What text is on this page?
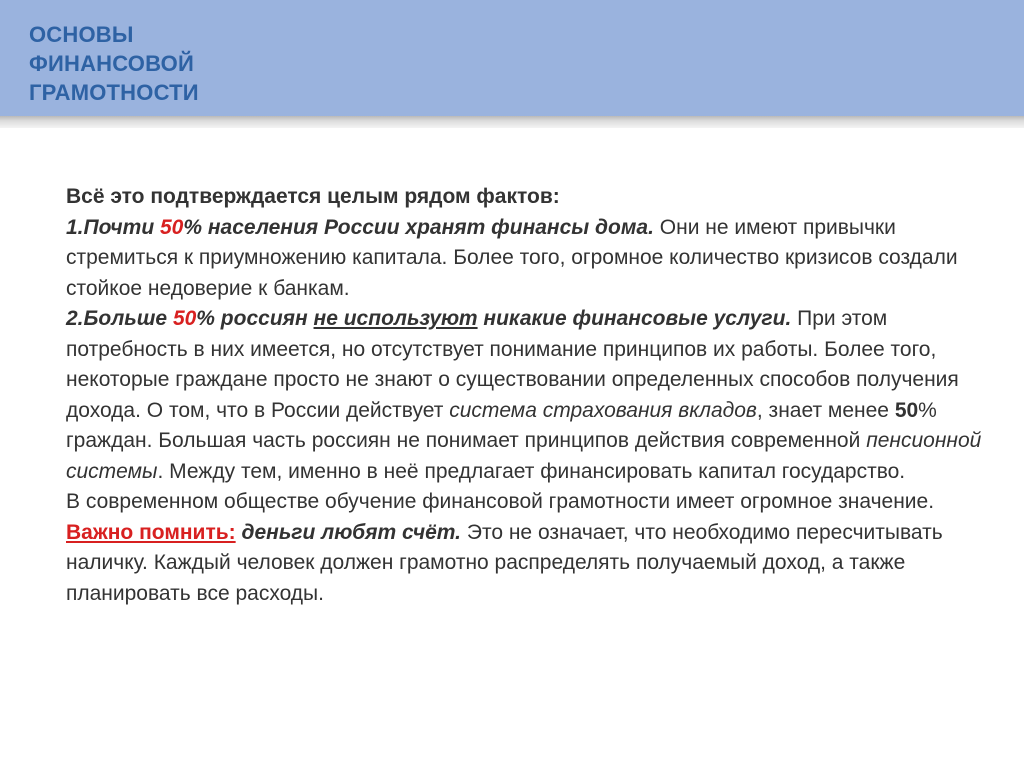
ОСНОВЫ
ФИНАНСОВОЙ
ГРАМОТНОСТИ

Всё это подтверждается целым рядом фактов:

1.Почти 50% населения России хранят финансы дома. Они не имеют привычки стремиться к приумножению капитала. Более того, огромное количество кризисов создали стойкое недоверие к банкам.

2.Больше 50% россиян не используют никакие финансовые услуги. При этом потребность в них имеется, но отсутствует понимание принципов их работы. Более того, некоторые граждане просто не знают о существовании определенных способов получения дохода. О том, что в России действует система страхования вкладов, знает менее 50% граждан. Большая часть россиян не понимает принципов действия современной пенсионной системы. Между тем, именно в неё предлагает финансировать капитал государство.

В современном обществе обучение финансовой грамотности имеет огромное значение. Важно помнить: деньги любят счёт. Это не означает, что необходимо пересчитывать наличку. Каждый человек должен грамотно распределять получаемый доход, а также планировать все расходы.
